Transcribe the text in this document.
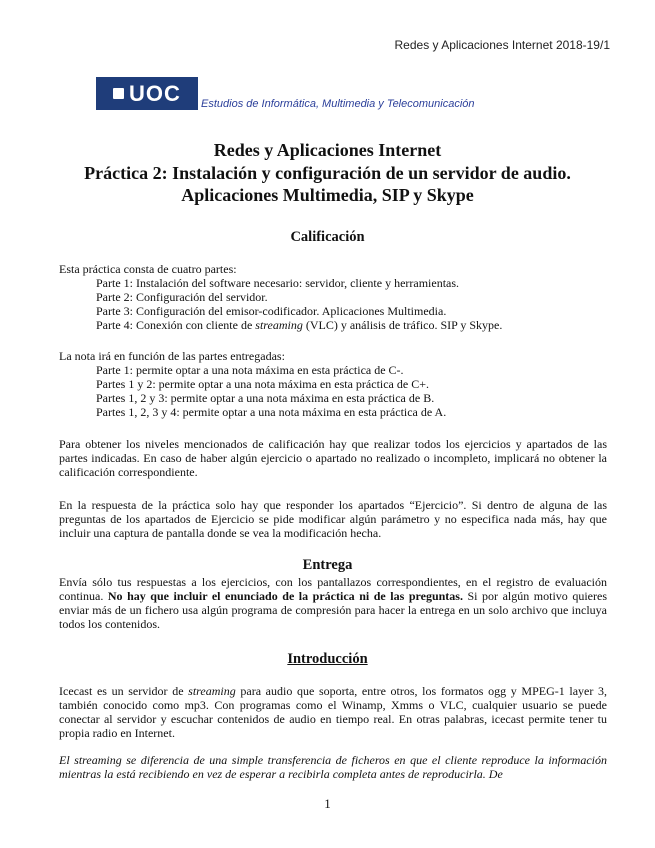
Redes y Aplicaciones Internet 2018-19/1
UOC Estudios de Informática, Multimedia y Telecomunicación
Redes y Aplicaciones Internet
Práctica 2: Instalación y configuración de un servidor de audio.
Aplicaciones Multimedia, SIP y Skype
Calificación
Esta práctica consta de cuatro partes:
Parte 1: Instalación del software necesario: servidor, cliente y herramientas.
Parte 2: Configuración del servidor.
Parte 3: Configuración del emisor-codificador. Aplicaciones Multimedia.
Parte 4: Conexión con cliente de streaming (VLC) y análisis de tráfico. SIP y Skype.
La nota irá en función de las partes entregadas:
Parte 1: permite optar a una nota máxima en esta práctica de C-.
Partes 1 y 2: permite optar a una nota máxima en esta práctica de C+.
Partes 1, 2 y 3: permite optar a una nota máxima en esta práctica de B.
Partes 1, 2, 3 y 4: permite optar a una nota máxima en esta práctica de A.
Para obtener los niveles mencionados de calificación hay que realizar todos los ejercicios y apartados de las partes indicadas. En caso de haber algún ejercicio o apartado no realizado o incompleto, implicará no obtener la calificación correspondiente.
En la respuesta de la práctica solo hay que responder los apartados “Ejercicio”. Si dentro de alguna de las preguntas de los apartados de Ejercicio se pide modificar algún parámetro y no especifica nada más, hay que incluir una captura de pantalla donde se vea la modificación hecha.
Entrega
Envía sólo tus respuestas a los ejercicios, con los pantallazos correspondientes, en el registro de evaluación continua. No hay que incluir el enunciado de la práctica ni de las preguntas. Si por algún motivo quieres enviar más de un fichero usa algún programa de compresión para hacer la entrega en un solo archivo que incluya todos los contenidos.
Introducción
Icecast es un servidor de streaming para audio que soporta, entre otros, los formatos ogg y MPEG-1 layer 3, también conocido como mp3. Con programas como el Winamp, Xmms o VLC, cualquier usuario se puede conectar al servidor y escuchar contenidos de audio en tiempo real. En otras palabras, icecast permite tener tu propia radio en Internet.
El streaming se diferencia de una simple transferencia de ficheros en que el cliente reproduce la información mientras la está recibiendo en vez de esperar a recibirla completa antes de reproducirla. De
1
